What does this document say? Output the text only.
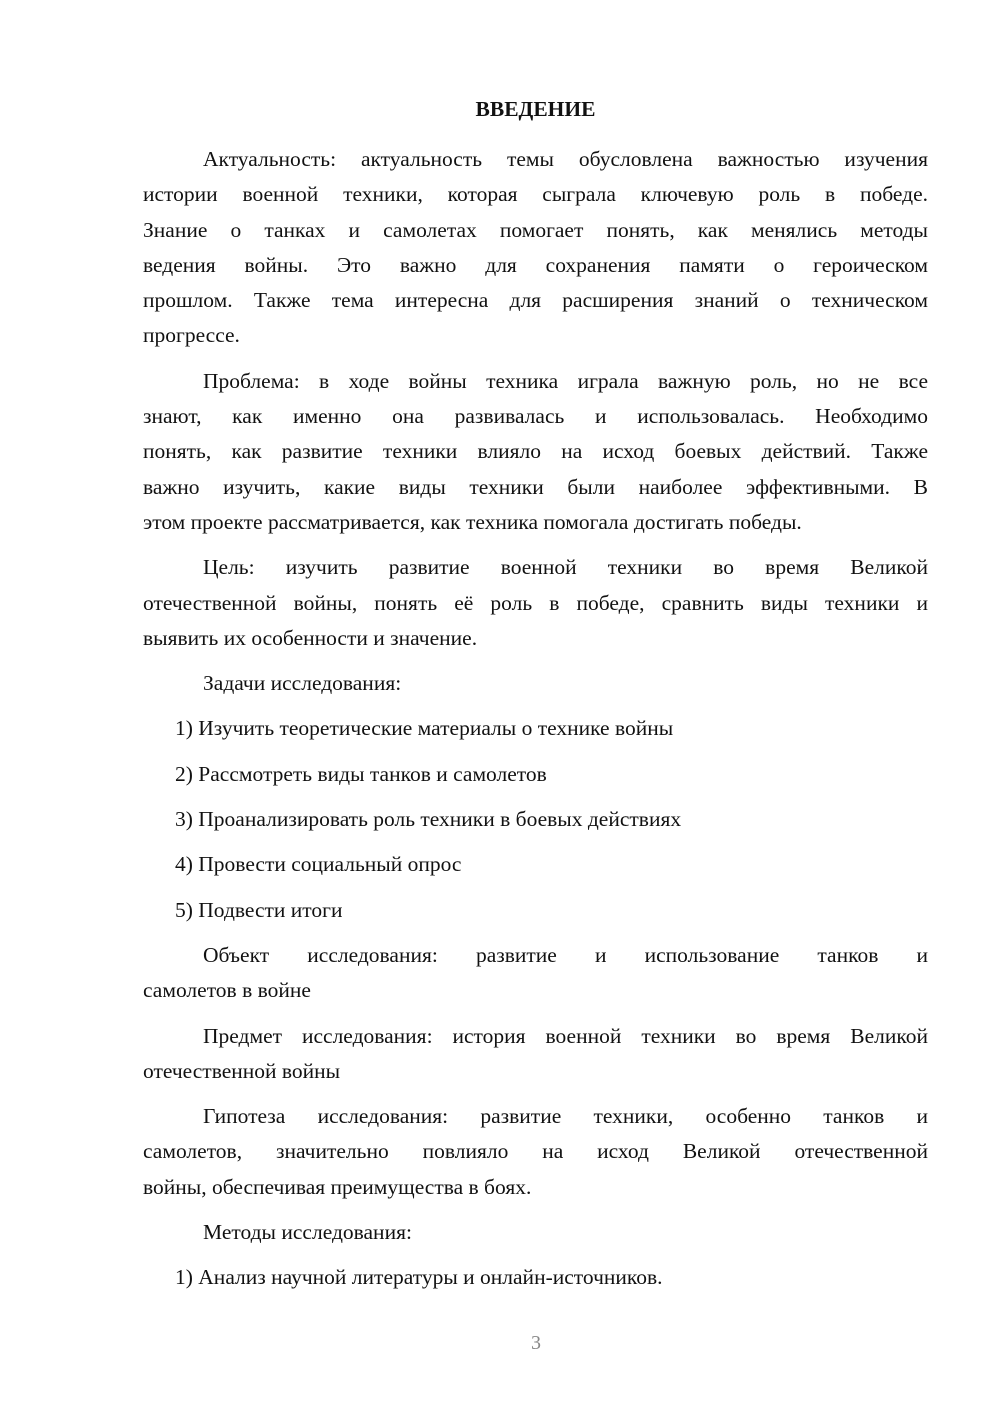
ВВЕДЕНИЕ
Актуальность: актуальность темы обусловлена важностью изучения
истории военной техники, которая сыграла ключевую роль в победе.
Знание о танках и самолетах помогает понять, как менялись методы
ведения войны. Это важно для сохранения памяти о героическом
прошлом. Также тема интересна для расширения знаний о техническом
прогрессе.
Проблема: в ходе войны техника играла важную роль, но не все
знают, как именно она развивалась и использовалась. Необходимо
понять, как развитие техники влияло на исход боевых действий. Также
важно изучить, какие виды техники были наиболее эффективными. В
этом проекте рассматривается, как техника помогала достигать победы.
Цель: изучить развитие военной техники во время Великой
отечественной войны, понять её роль в победе, сравнить виды техники и
выявить их особенности и значение.
Задачи исследования:
1) Изучить теоретические материалы о технике войны
2) Рассмотреть виды танков и самолетов
3) Проанализировать роль техники в боевых действиях
4) Провести социальный опрос
5) Подвести итоги
Объект исследования: развитие и использование танков и
самолетов в войне
Предмет исследования: история военной техники во время Великой
отечественной войны
Гипотеза исследования: развитие техники, особенно танков и
самолетов, значительно повлияло на исход Великой отечественной
войны, обеспечивая преимущества в боях.
Методы исследования:
1) Анализ научной литературы и онлайн-источников.
3
